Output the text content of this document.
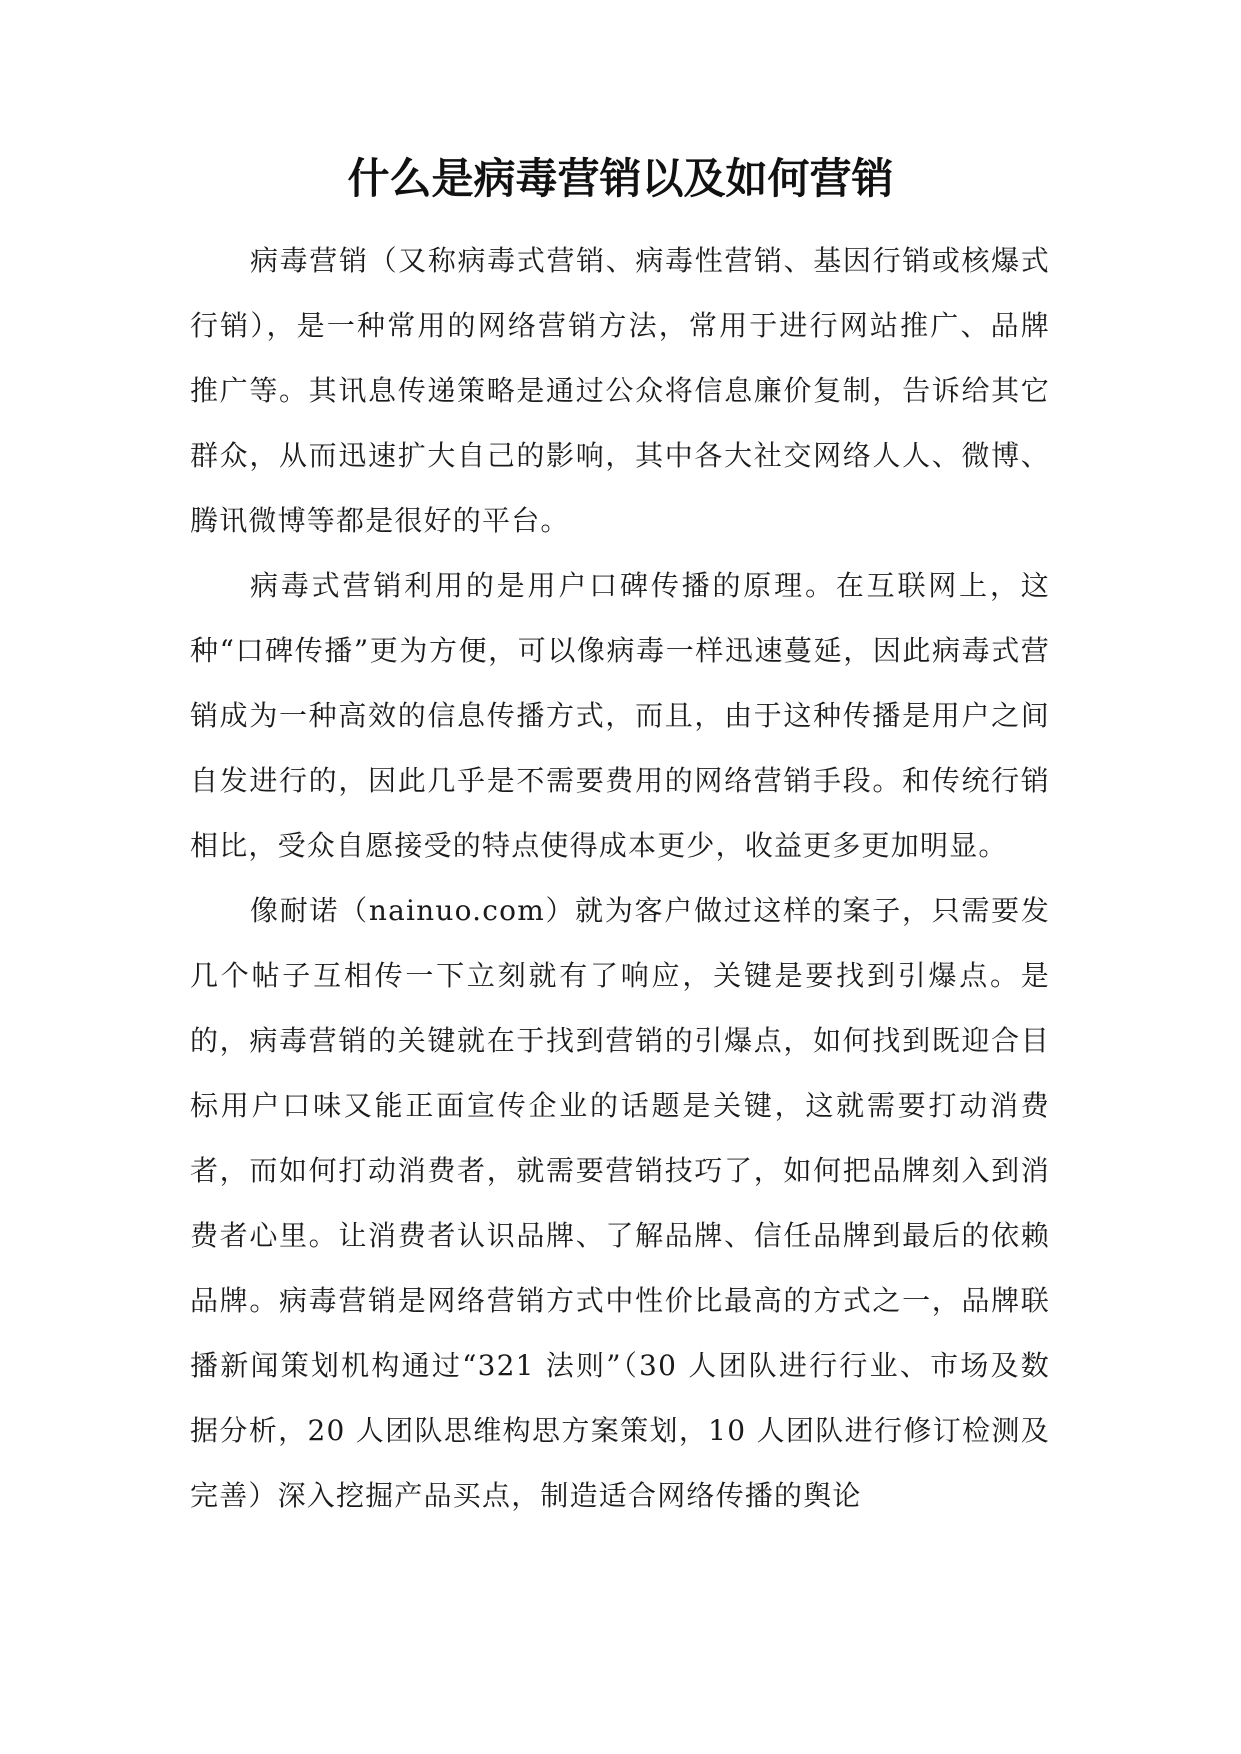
什么是病毒营销以及如何营销

病毒营销（又称病毒式营销、病毒性营销、基因行销或核爆式行销），是一种常用的网络营销方法，常用于进行网站推广、品牌推广等。其讯息传递策略是通过公众将信息廉价复制，告诉给其它群众，从而迅速扩大自己的影响，其中各大社交网络人人、微博、腾讯微博等都是很好的平台。

病毒式营销利用的是用户口碑传播的原理。在互联网上，这种“口碑传播”更为方便，可以像病毒一样迅速蔓延，因此病毒式营销成为一种高效的信息传播方式，而且，由于这种传播是用户之间自发进行的，因此几乎是不需要费用的网络营销手段。和传统行销相比，受众自愿接受的特点使得成本更少，收益更多更加明显。

像耐诺（nainuo.com）就为客户做过这样的案子，只需要发几个帖子互相传一下立刻就有了响应，关键是要找到引爆点。是的，病毒营销的关键就在于找到营销的引爆点，如何找到既迎合目标用户口味又能正面宣传企业的话题是关键，这就需要打动消费者，而如何打动消费者，就需要营销技巧了，如何把品牌刻入到消费者心里。让消费者认识品牌、了解品牌、信任品牌到最后的依赖品牌。病毒营销是网络营销方式中性价比最高的方式之一，品牌联播新闻策划机构通过“321 法则”（30 人团队进行行业、市场及数据分析，20 人团队思维构思方案策划，10 人团队进行修订检测及完善）深入挖掘产品买点，制造适合网络传播的舆论
